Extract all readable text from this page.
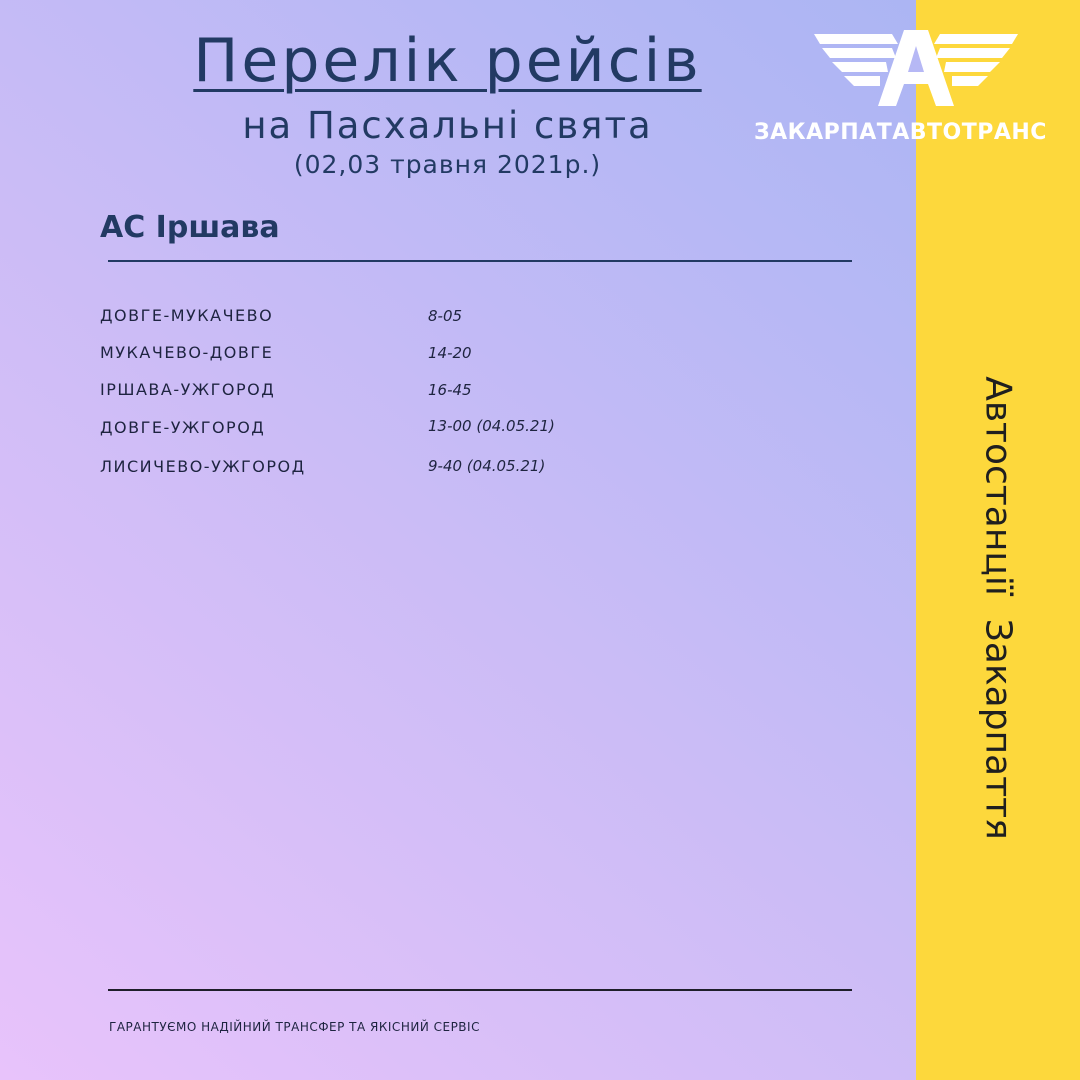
Перелік рейсів
на Пасхальні свята
(02,03 травня 2021р.)
АС Іршава
ДОВГЕ-МУКАЧЕВО	8-05
МУКАЧЕВО-ДОВГЕ	14-20
ІРШАВА-УЖГОРОД	16-45
ДОВГЕ-УЖГОРОД	13-00 (04.05.21)
ЛИСИЧЕВО-УЖГОРОД	9-40 (04.05.21)
ГАРАНТУЄМО НАДІЙНИЙ ТРАНСФЕР ТА ЯКІСНИЙ СЕРВІС
ЗАКАРПАТАВТОТРАНС
Автостанції  Закарпаття
